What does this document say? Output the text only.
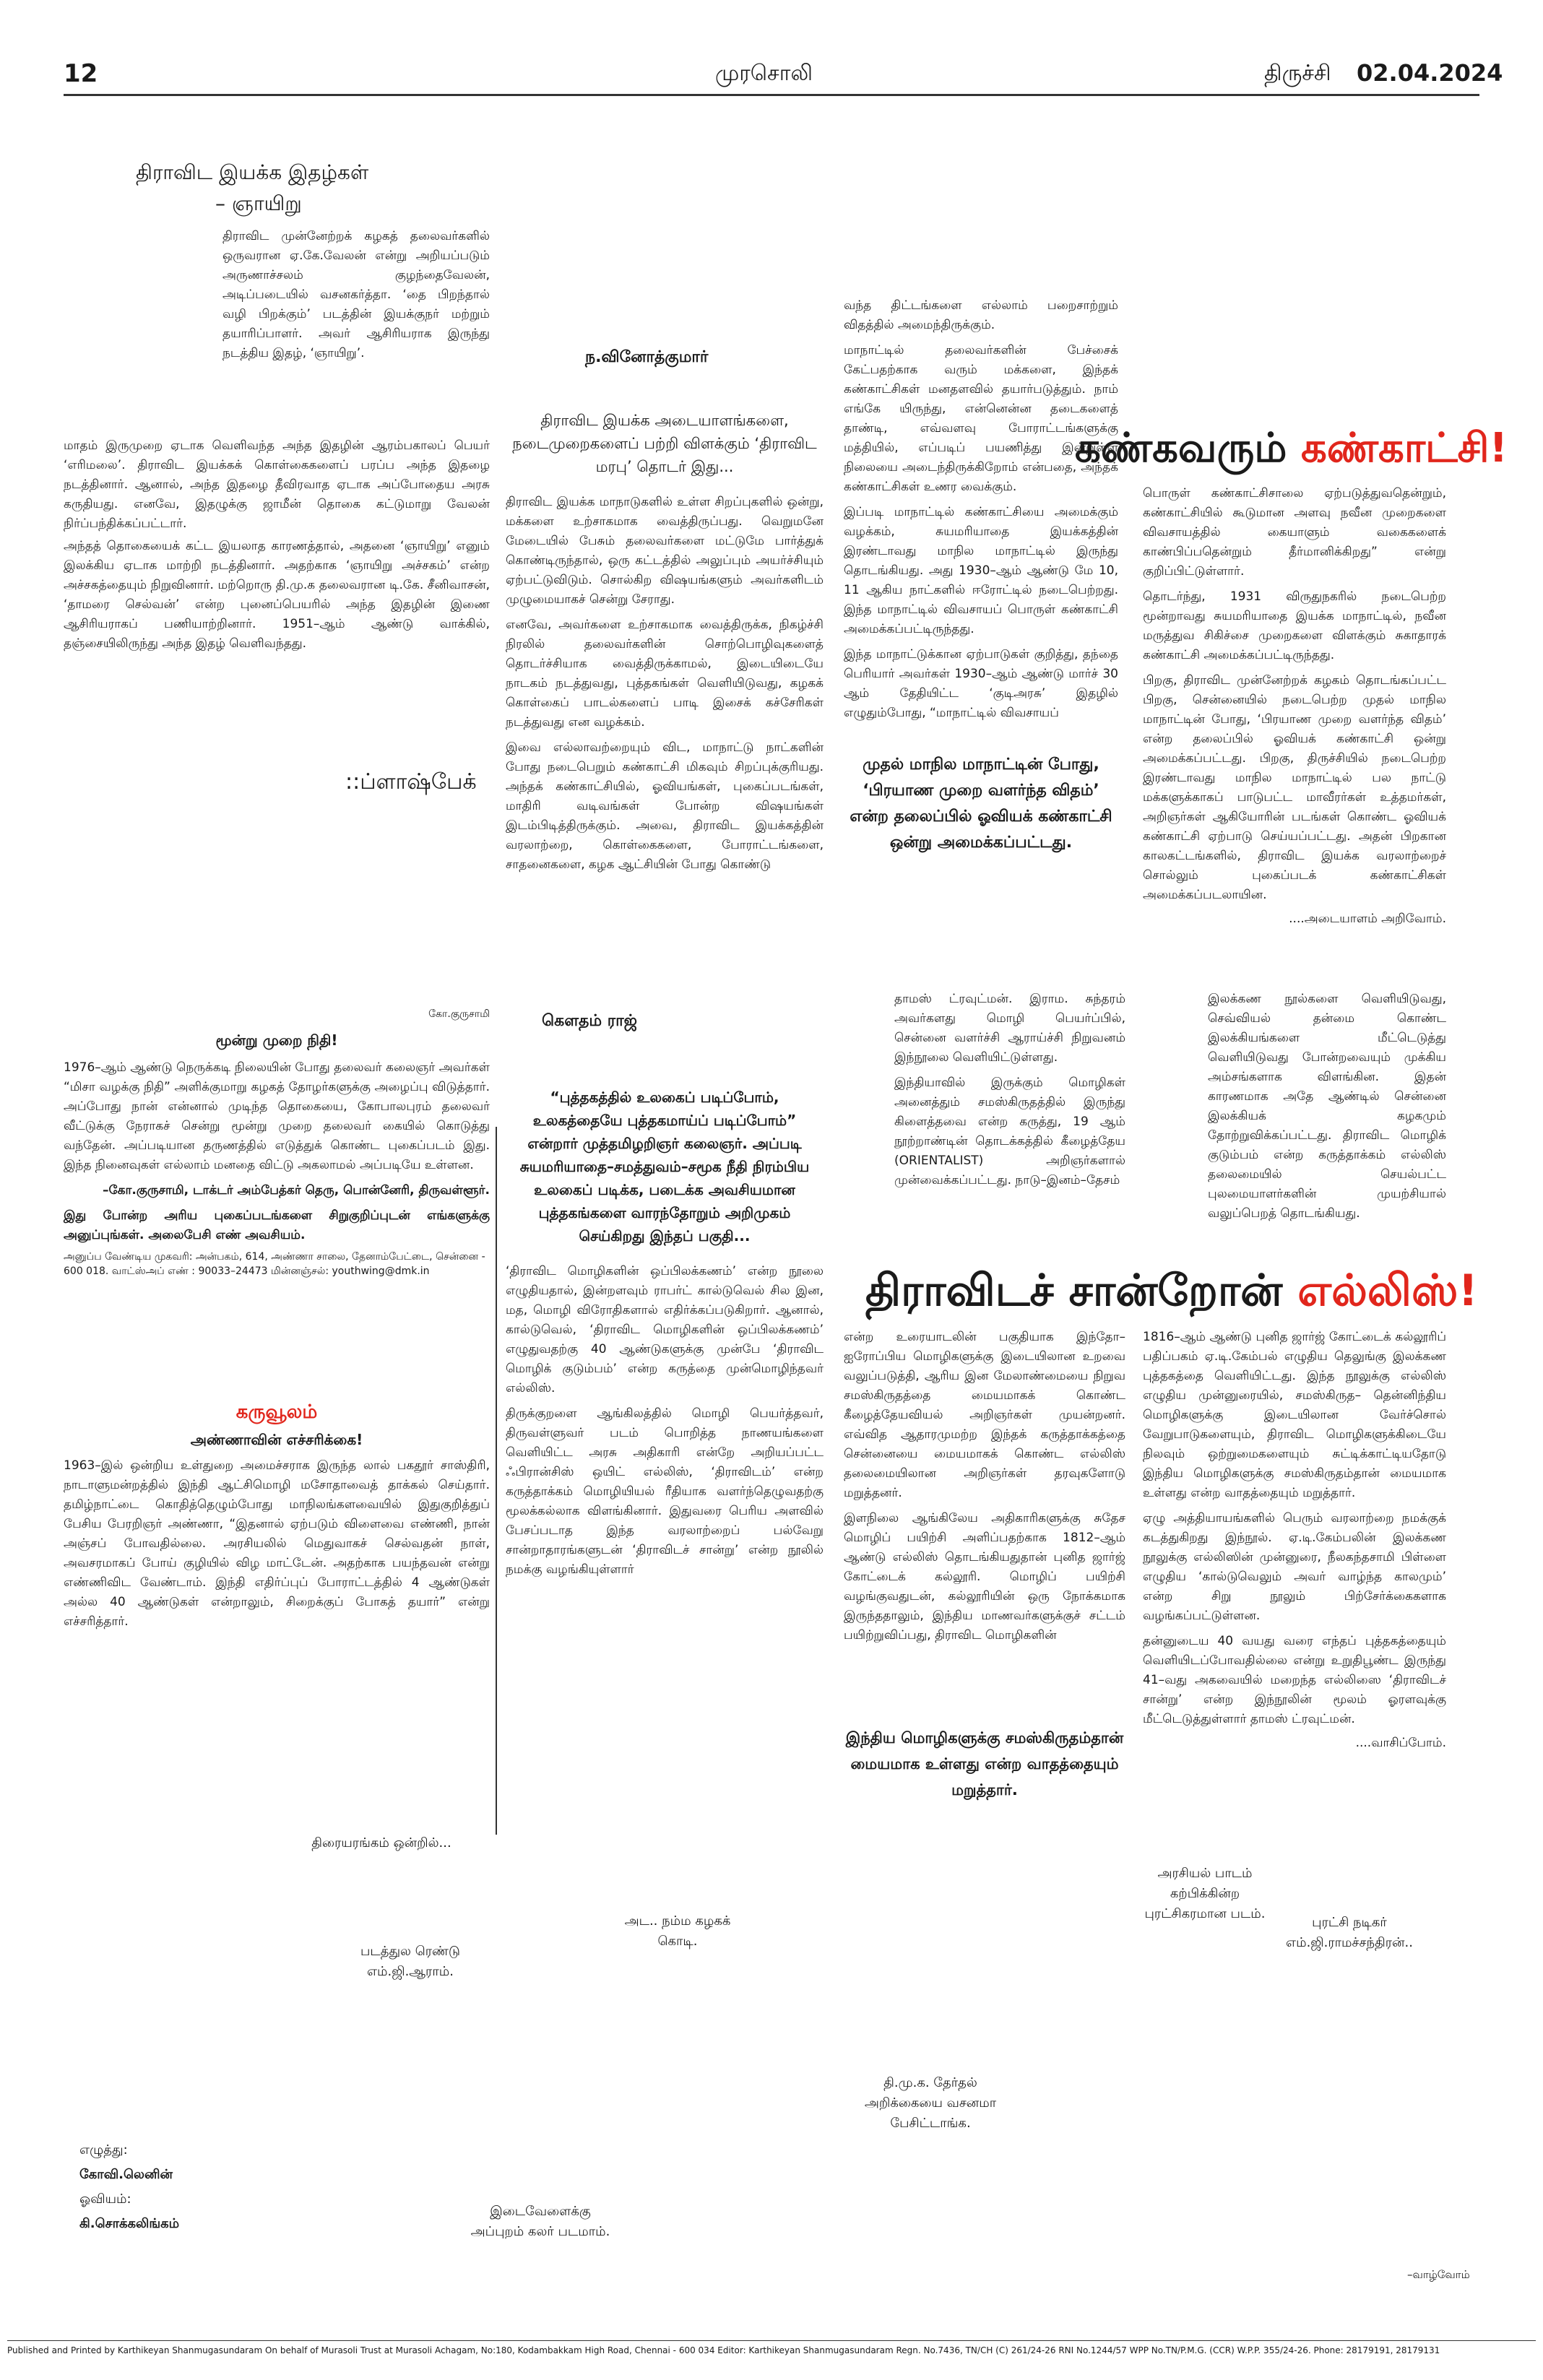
12	முரசொலி	திருச்சி 02.04.2024
திராவிட இயக்க இதழ்கள்
– ஞாயிறு
திராவிட முன்னேற்றக் கழகத் தலைவர்களில் ஒருவரான ஏ.கே.வேலன் என்று அறியப்படும் அருணாச்சலம் குழந்தைவேலன், அடிப்படையில் வசனகர்த்தா. ‘தை பிறந்தால் வழி பிறக்கும்’ படத்தின் இயக்குநர் மற்றும் தயாரிப்பாளர். அவர் ஆசிரியராக இருந்து நடத்திய இதழ், ‘ஞாயிறு’.
மாதம் இருமுறை ஏடாக வெளிவந்த அந்த இதழின் ஆரம்பகாலப் பெயர் ‘எரிமலை’. திராவிட இயக்கக் கொள்கைகளைப் பரப்ப அந்த இதழை நடத்தினார். ஆனால், அந்த இதழை தீவிரவாத ஏடாக அப்போதைய அரசு கருதியது. எனவே, இதழுக்கு ஜாமீன் தொகை கட்டுமாறு வேலன் நிர்ப்பந்திக்கப்பட்டார்.
அந்தத் தொகையைக் கட்ட இயலாத காரணத்தால், அதனை ‘ஞாயிறு’ எனும் இலக்கிய ஏடாக மாற்றி நடத்தினார். அதற்காக ‘ஞாயிறு அச்சகம்’ என்ற அச்சகத்தையும் நிறுவினார். மற்றொரு தி.மு.க தலைவரான டி.கே. சீனிவாசன், ‘தாமரை செல்வன்’ என்ற புனைப்பெயரில் அந்த இதழின் இணை ஆசிரியராகப் பணியாற்றினார். 1951–ஆம் ஆண்டு வாக்கில், தஞ்சையிலிருந்து அந்த இதழ் வெளிவந்தது.
::ப்ளாஷ்பேக்
கோ.குருசாமி
மூன்று முறை நிதி!
1976–ஆம் ஆண்டு நெருக்கடி நிலையின் போது தலைவர் கலைஞர் அவர்கள் “மிசா வழக்கு நிதி” அளிக்குமாறு கழகத் தோழர்களுக்கு அழைப்பு விடுத்தார். அப்போது நான் என்னால் முடிந்த தொகையை, கோபாலபுரம் தலைவர் வீட்டுக்கு நேராகச் சென்று மூன்று முறை தலைவர் கையில் கொடுத்து வந்தேன். அப்படியான தருணத்தில் எடுத்துக் கொண்ட புகைப்படம் இது. இந்த நினைவுகள் எல்லாம் மனதை விட்டு அகலாமல் அப்படியே உள்ளன.
–கோ.குருசாமி, டாக்டர் அம்பேத்கர் தெரு, பொன்னேரி, திருவள்ளூர்.
இது போன்ற அரிய புகைப்படங்களை சிறுகுறிப்புடன் எங்களுக்கு அனுப்புங்கள். அலைபேசி எண் அவசியம்.
அனுப்ப வேண்டிய முகவரி: அன்பகம், 614, அண்ணா சாலை, தேனாம்பேட்டை, சென்னை - 600 018. வாட்ஸ்அப் எண் : 90033–24473 மின்னஞ்சல்: youthwing@dmk.in
கருவூலம்
அண்ணாவின் எச்சரிக்கை!
1963–இல் ஒன்றிய உள்துறை அமைச்சராக இருந்த லால் பகதூர் சாஸ்திரி, நாடாளுமன்றத்தில் இந்தி ஆட்சிமொழி மசோதாவைத் தாக்கல் செய்தார். தமிழ்நாட்டை கொதித்தெழும்போது மாநிலங்களவையில் இதுகுறித்துப் பேசிய பேரறிஞர் அண்ணா, “இதனால் ஏற்படும் விளைவை எண்ணி, நான் அஞ்சப் போவதில்லை. அரசியலில் மெதுவாகச் செல்வதன் நாள், அவசரமாகப் போய் குழியில் விழ மாட்டேன். அதற்காக பயந்தவன் என்று எண்ணிவிட வேண்டாம். இந்தி எதிர்ப்புப் போராட்டத்தில் 4 ஆண்டுகள் அல்ல 40 ஆண்டுகள் என்றாலும், சிறைக்குப் போகத் தயார்” என்று எச்சரித்தார்.
ந.வினோத்குமார்
திராவிட இயக்க அடையாளங்களை, நடைமுறைகளைப் பற்றி விளக்கும் ‘திராவிட மரபு’ தொடர் இது...
திராவிட இயக்க மாநாடுகளில் உள்ள சிறப்புகளில் ஒன்று, மக்களை உற்சாகமாக வைத்திருப்பது. வெறுமனே மேடையில் பேசும் தலைவர்களை மட்டுமே பார்த்துக் கொண்டிருந்தால், ஒரு கட்டத்தில் அலுப்பும் அயர்ச்சியும் ஏற்பட்டுவிடும். சொல்கிற விஷயங்களும் அவர்களிடம் முழுமையாகச் சென்று சேராது.
எனவே, அவர்களை உற்சாகமாக வைத்திருக்க, நிகழ்ச்சி நிரலில் தலைவர்களின் சொற்பொழிவுகளைத் தொடர்ச்சியாக வைத்திருக்காமல், இடையிடையே நாடகம் நடத்துவது, புத்தகங்கள் வெளியிடுவது, கழகக் கொள்கைப் பாடல்களைப் பாடி இசைக் கச்சேரிகள் நடத்துவது என வழக்கம்.
இவை எல்லாவற்றையும் விட, மாநாட்டு நாட்களின் போது நடைபெறும் கண்காட்சி மிகவும் சிறப்புக்குரியது. அந்தக் கண்காட்சியில், ஓவியங்கள், புகைப்படங்கள், மாதிரி வடிவங்கள் போன்ற விஷயங்கள் இடம்பிடித்திருக்கும். அவை, திராவிட இயக்கத்தின் வரலாற்றை, கொள்கைகளை, போராட்டங்களை, சாதனைகளை, கழக ஆட்சியின் போது கொண்டு
கௌதம் ராஜ்
“புத்தகத்தில் உலகைப் படிப்போம், உலகத்தையே புத்தகமாய்ப் படிப்போம்” என்றார் முத்தமிழறிஞர் கலைஞர். அப்படி சுயமரியாதை–சமத்துவம்–சமூக நீதி நிரம்பிய உலகைப் படிக்க, படைக்க அவசியமான புத்தகங்களை வாரந்தோறும் அறிமுகம் செய்கிறது இந்தப் பகுதி...
‘திராவிட மொழிகளின் ஒப்பிலக்கணம்’ என்ற நூலை எழுதியதால், இன்றளவும் ராபர்ட் கால்டுவெல் சில இன, மத, மொழி விரோதிகளால் எதிர்க்கப்படுகிறார். ஆனால், கால்டுவெல், ‘திராவிட மொழிகளின் ஒப்பிலக்கணம்’ எழுதுவதற்கு 40 ஆண்டுகளுக்கு முன்பே ‘திராவிட மொழிக் குடும்பம்’ என்ற கருத்தை முன்மொழிந்தவர் எல்லிஸ்.
திருக்குறளை ஆங்கிலத்தில் மொழி பெயர்த்தவர், திருவள்ளுவர் படம் பொறித்த நாணயங்களை வெளியிட்ட அரசு அதிகாரி என்றே அறியப்பட்ட ஃபிரான்சிஸ் ஒயிட் எல்லிஸ், ‘திராவிடம்’ என்ற கருத்தாக்கம் மொழியியல் ரீதியாக வளர்ந்தெழுவதற்கு மூலக்கல்லாக விளங்கினார். இதுவரை பெரிய அளவில் பேசப்படாத இந்த வரலாற்றைப் பல்வேறு சான்றாதாரங்களுடன் ‘திராவிடச் சான்று’ என்ற நூலில் நமக்கு வழங்கியுள்ளார்
வந்த திட்டங்களை எல்லாம் பறைசாற்றும் விதத்தில் அமைந்திருக்கும்.
மாநாட்டில் தலைவர்களின் பேச்சைக் கேட்பதற்காக வரும் மக்களை, இந்தக் கண்காட்சிகள் மனதளவில் தயார்படுத்தும். நாம் எங்கே யிருந்து, என்னென்ன தடைகளைத் தாண்டி, எவ்வளவு போராட்டங்களுக்கு மத்தியில், எப்படிப் பயணித்து இன்றுள்ள நிலையை அடைந்திருக்கிறோம் என்பதை, அந்தக் கண்காட்சிகள் உணர வைக்கும்.
இப்படி மாநாட்டில் கண்காட்சியை அமைக்கும் வழக்கம், சுயமரியாதை இயக்கத்தின் இரண்டாவது மாநில மாநாட்டில் இருந்து தொடங்கியது. அது 1930–ஆம் ஆண்டு மே 10, 11 ஆகிய நாட்களில் ஈரோட்டில் நடைபெற்றது. இந்த மாநாட்டில் விவசாயப் பொருள் கண்காட்சி அமைக்கப்பட்டிருந்தது.
இந்த மாநாட்டுக்கான ஏற்பாடுகள் குறித்து, தந்தை பெரியார் அவர்கள் 1930–ஆம் ஆண்டு மார்ச் 30 ஆம் தேதியிட்ட ‘குடிஅரசு’ இதழில் எழுதும்போது, “மாநாட்டில் விவசாயப்
முதல் மாநில மாநாட்டின் போது, ‘பிரயாண முறை வளர்ந்த விதம்’ என்ற தலைப்பில் ஓவியக் கண்காட்சி ஒன்று அமைக்கப்பட்டது.
தாமஸ் ட்ரவுட்மன். இராம. சுந்தரம் அவர்களது மொழி பெயர்ப்பில், சென்னை வளர்ச்சி ஆராய்ச்சி நிறுவனம் இந்நூலை வெளியிட்டுள்ளது.
இந்தியாவில் இருக்கும் மொழிகள் அனைத்தும் சமஸ்கிருதத்தில் இருந்து கிளைத்தவை என்ற கருத்து, 19 ஆம் நூற்றாண்டின் தொடக்கத்தில் கீழைத்தேய (ORIENTALIST) அறிஞர்களால் முன்வைக்கப்பட்டது. நாடு–இனம்–தேசம்
என்ற உரையாடலின் பகுதியாக இந்தோ–ஐரோப்பிய மொழிகளுக்கு இடையிலான உறவை வலுப்படுத்தி, ஆரிய இன மேலாண்மையை நிறுவ சமஸ்கிருதத்தை மையமாகக் கொண்ட கீழைத்தேயவியல் அறிஞர்கள் முயன்றனர். எவ்வித ஆதாரமுமற்ற இந்தக் கருத்தாக்கத்தை சென்னையை மையமாகக் கொண்ட எல்லிஸ் தலைமையிலான அறிஞர்கள் தரவுகளோடு மறுத்தனர்.
இளநிலை ஆங்கிலேய அதிகாரிகளுக்கு சுதேச மொழிப் பயிற்சி அளிப்பதற்காக 1812–ஆம் ஆண்டு எல்லிஸ் தொடங்கியதுதான் புனித ஜார்ஜ் கோட்டைக் கல்லூரி. மொழிப் பயிற்சி வழங்குவதுடன், கல்லூரியின் ஒரு நோக்கமாக இருந்ததாலும், இந்திய மாணவர்களுக்குச் சட்டம் பயிற்றுவிப்பது, திராவிட மொழிகளின்
இந்திய மொழிகளுக்கு சமஸ்கிருதம்தான் மையமாக உள்ளது என்ற வாதத்தையும் மறுத்தார்.
கண்கவரும் கண்காட்சி!
திராவிடச் சான்றோன் எல்லிஸ்!
பொருள் கண்காட்சிசாலை ஏற்படுத்துவதென்றும், கண்காட்சியில் கூடுமான அளவு நவீன முறைகளை விவசாயத்தில் கையாளும் வகைகளைக் காண்பிப்பதென்றும் தீர்மானிக்கிறது” என்று குறிப்பிட்டுள்ளார்.
தொடர்ந்து, 1931 விருதுநகரில் நடைபெற்ற மூன்றாவது சுயமரியாதை இயக்க மாநாட்டில், நவீன மருத்துவ சிகிச்சை முறைகளை விளக்கும் சுகாதாரக் கண்காட்சி அமைக்கப்பட்டிருந்தது.
பிறகு, திராவிட முன்னேற்றக் கழகம் தொடங்கப்பட்ட பிறகு, சென்னையில் நடைபெற்ற முதல் மாநில மாநாட்டின் போது, ‘பிரயாண முறை வளர்ந்த விதம்’ என்ற தலைப்பில் ஓவியக் கண்காட்சி ஒன்று அமைக்கப்பட்டது. பிறகு, திருச்சியில் நடைபெற்ற இரண்டாவது மாநில மாநாட்டில் பல நாட்டு மக்களுக்காகப் பாடுபட்ட மாவீரர்கள் உத்தமர்கள், அறிஞர்கள் ஆகியோரின் படங்கள் கொண்ட ஓவியக் கண்காட்சி ஏற்பாடு செய்யப்பட்டது. அதன் பிறகான காலகட்டங்களில், திராவிட இயக்க வரலாற்றைச் சொல்லும் புகைப்படக் கண்காட்சிகள் அமைக்கப்படலாயின.
....அடையாளம் அறிவோம்.
இலக்கண நூல்களை வெளியிடுவது, செவ்வியல் தன்மை கொண்ட இலக்கியங்களை மீட்டெடுத்து வெளியிடுவது போன்றவையும் முக்கிய அம்சங்களாக விளங்கின. இதன் காரணமாக அதே ஆண்டில் சென்னை இலக்கியக் கழகமும் தோற்றுவிக்கப்பட்டது. திராவிட மொழிக் குடும்பம் என்ற கருத்தாக்கம் எல்லிஸ் தலைமையில் செயல்பட்ட புலமையாளர்களின் முயற்சியால் வலுப்பெறத் தொடங்கியது.
1816–ஆம் ஆண்டு புனித ஜார்ஜ் கோட்டைக் கல்லூரிப் பதிப்பகம் ஏ.டி.கேம்பல் எழுதிய தெலுங்கு இலக்கண புத்தகத்தை வெளியிட்டது. இந்த நூலுக்கு எல்லிஸ் எழுதிய முன்னுரையில், சமஸ்கிருத– தென்னிந்திய மொழிகளுக்கு இடையிலான வேர்ச்சொல் வேறுபாடுகளையும், திராவிட மொழிகளுக்கிடையே நிலவும் ஒற்றுமைகளையும் சுட்டிக்காட்டியதோடு இந்திய மொழிகளுக்கு சமஸ்கிருதம்தான் மையமாக உள்ளது என்ற வாதத்தையும் மறுத்தார்.
ஏழு அத்தியாயங்களில் பெரும் வரலாற்றை நமக்குக் கடத்துகிறது இந்நூல். ஏ.டி.கேம்பலின் இலக்கண நூலுக்கு எல்லிஸின் முன்னுரை, நீலகந்தசாமி பிள்ளை எழுதிய ‘கால்டுவெலும் அவர் வாழ்ந்த காலமும்’ என்ற சிறு நூலும் பிற்சேர்க்கைகளாக வழங்கப்பட்டுள்ளன.
தன்னுடைய 40 வயது வரை எந்தப் புத்தகத்தையும் வெளியிடப்போவதில்லை என்று உறுதிபூண்ட இருந்து 41–வது அகவையில் மறைந்த எல்லிஸை ‘திராவிடச் சான்று’ என்ற இந்நூலின் மூலம் ஓரளவுக்கு மீட்டெடுத்துள்ளார் தாமஸ் ட்ரவுட்மன்.
....வாசிப்போம்.
திரையரங்கம் ஒன்றில்...
படத்துல ரெண்டு எம்.ஜி.ஆராம்.
அட.. நம்ம கழகக் கொடி.
அரசியல் பாடம் கற்பிக்கின்ற புரட்சிகரமான படம்.
புரட்சி நடிகர் எம்.ஜி.ராமச்சந்திரன்..
தி.மு.க. தேர்தல் அறிக்கையை வசனமா பேசிட்டாங்க.
இடைவேளைக்கு அப்புறம் கலர் படமாம்.
எழுத்து:
கோவி.லெனின்
ஓவியம்:
கி.சொக்கலிங்கம்
–வாழ்வோம்
Published and Printed by Karthikeyan Shanmugasundaram On behalf of Murasoli Trust at Murasoli Achagam, No:180, Kodambakkam High Road, Chennai - 600 034 Editor: Karthikeyan Shanmugasundaram Regn. No.7436, TN/CH (C) 261/24-26 RNI No.1244/57 WPP No.TN/P.M.G. (CCR) W.P.P. 355/24-26. Phone: 28179191, 28179131
